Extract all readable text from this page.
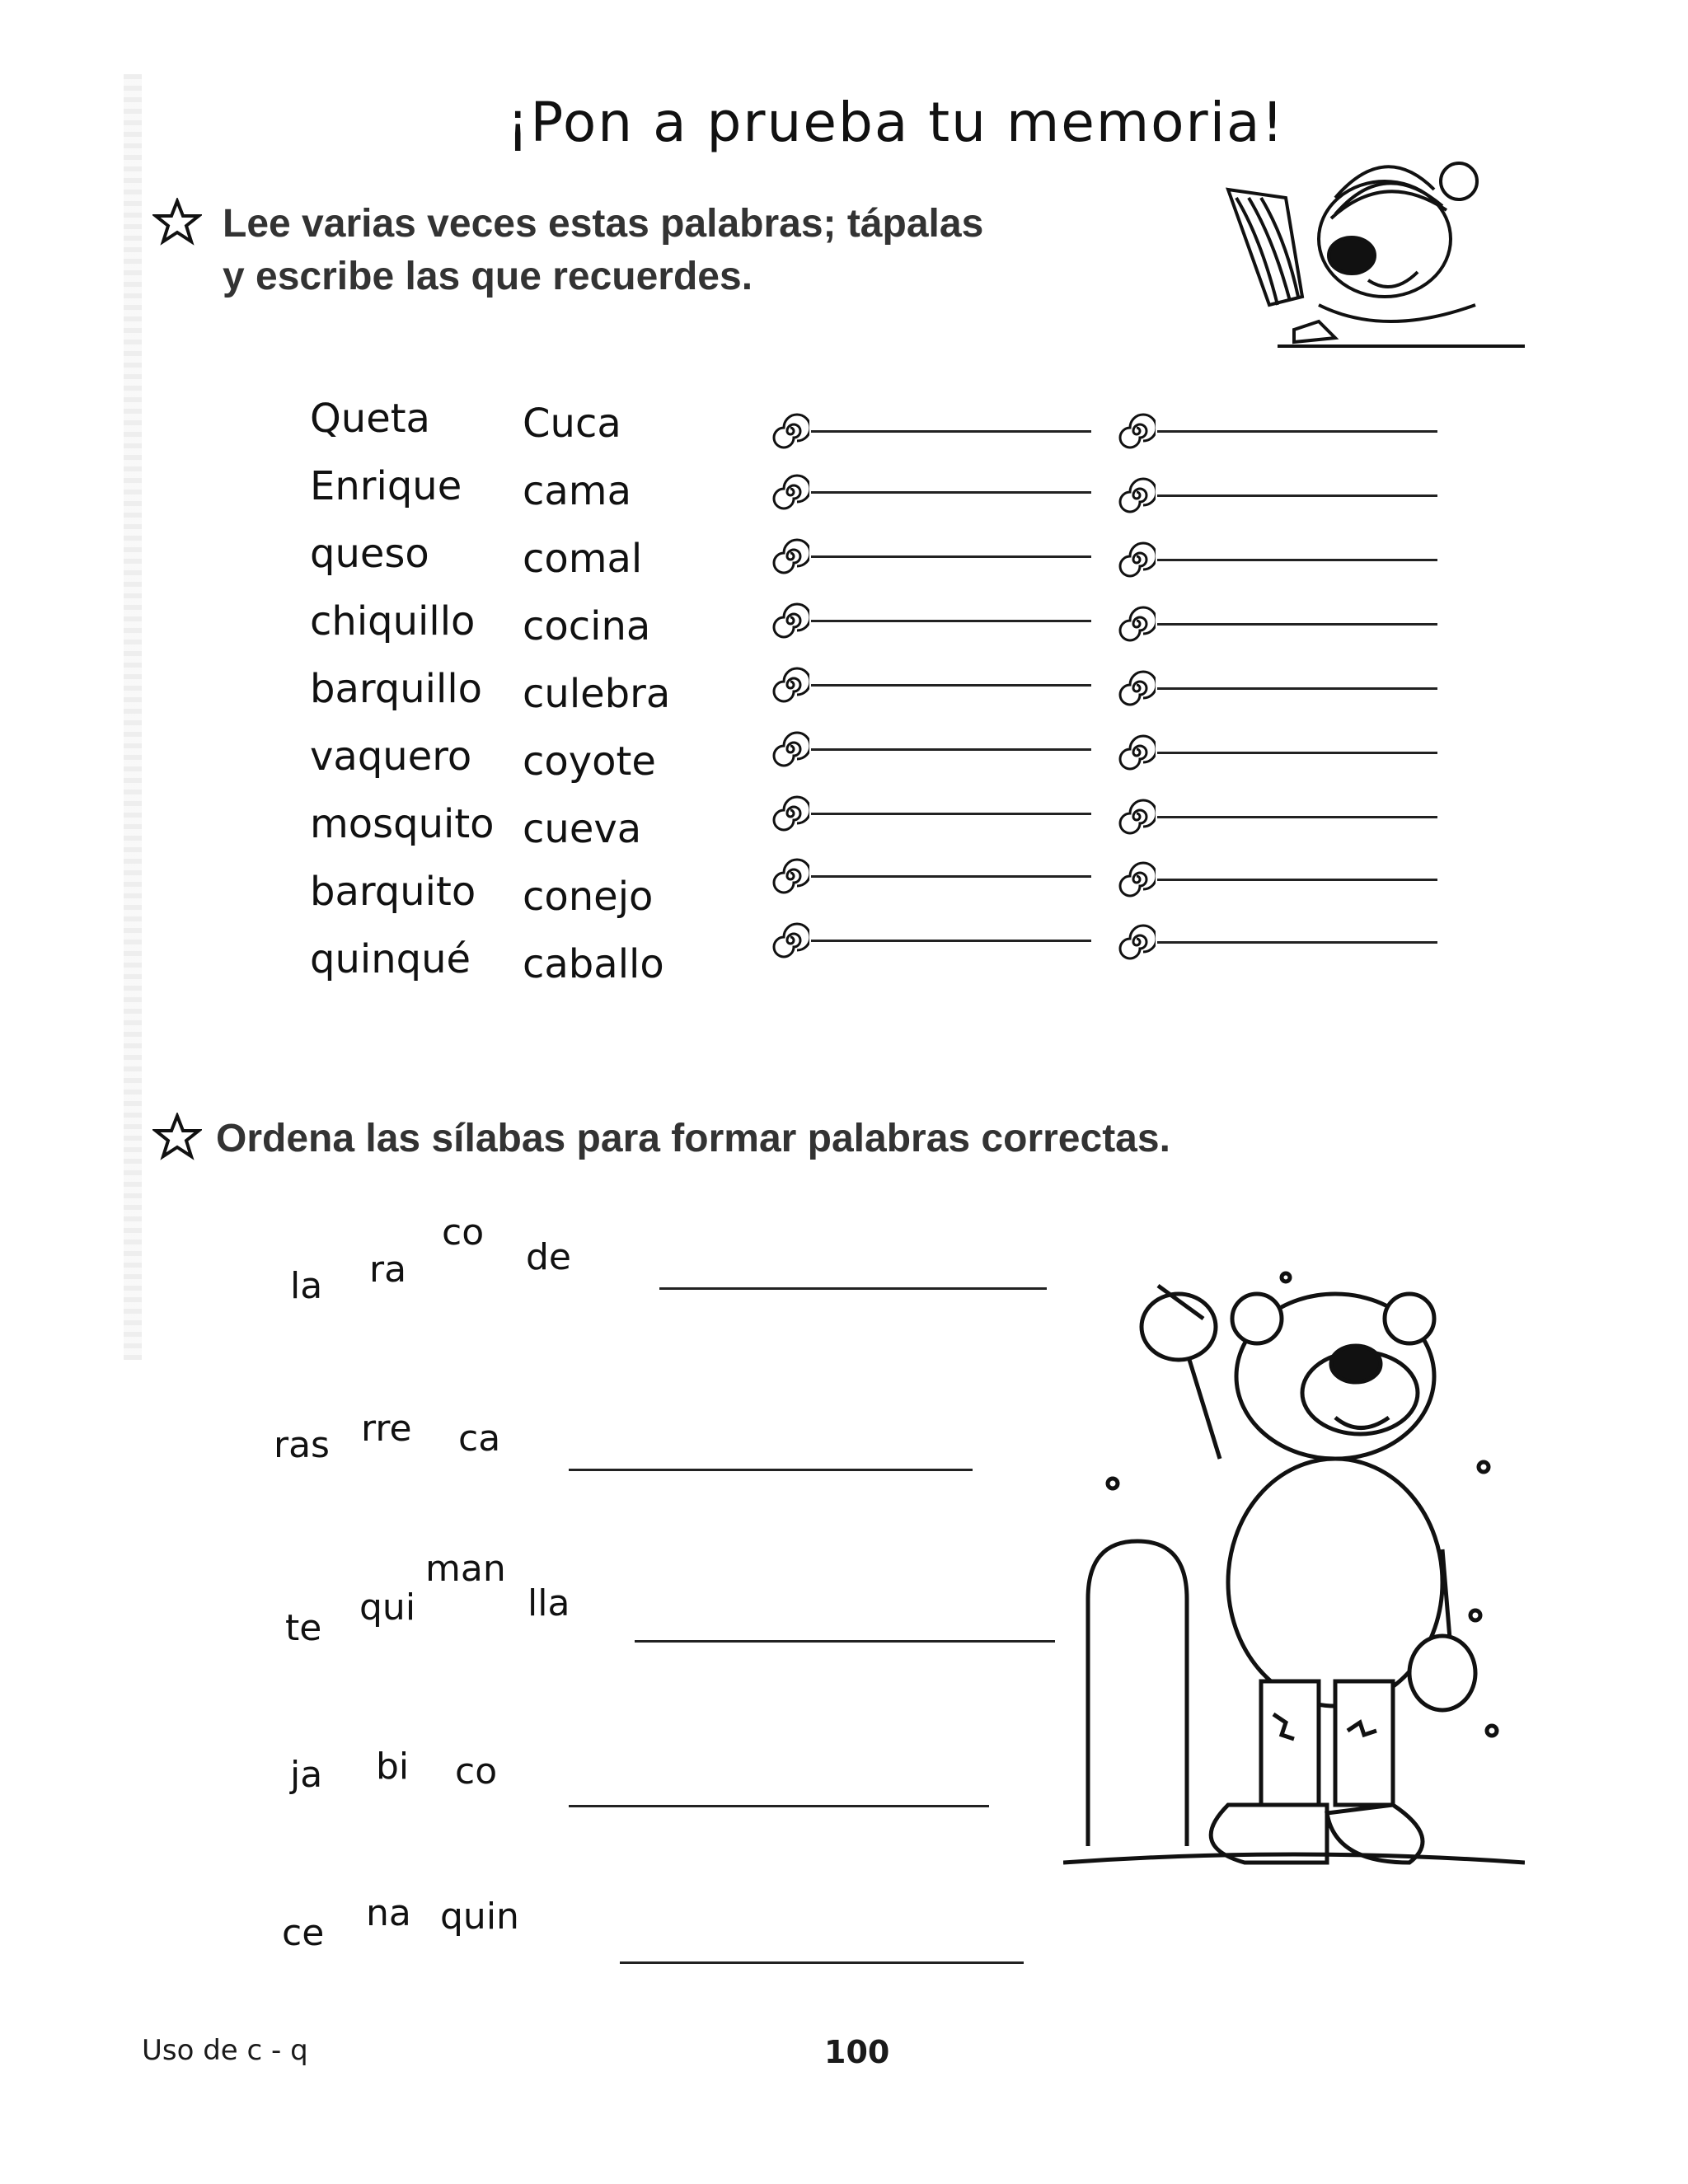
¡Pon a prueba tu memoria!
Lee varias veces estas palabras; tápalas
y escribe las que recuerdes.
Queta
Enrique
queso
chiquillo
barquillo
vaquero
mosquito
barquito
quinqué
Cuca
cama
comal
cocina
culebra
coyote
cueva
conejo
caballo
Ordena las sílabas para formar palabras correctas.
la ra
co
de
ras rre ca
te qui
man
lla
ja bi co
ce na quin
Uso de c - q	100
